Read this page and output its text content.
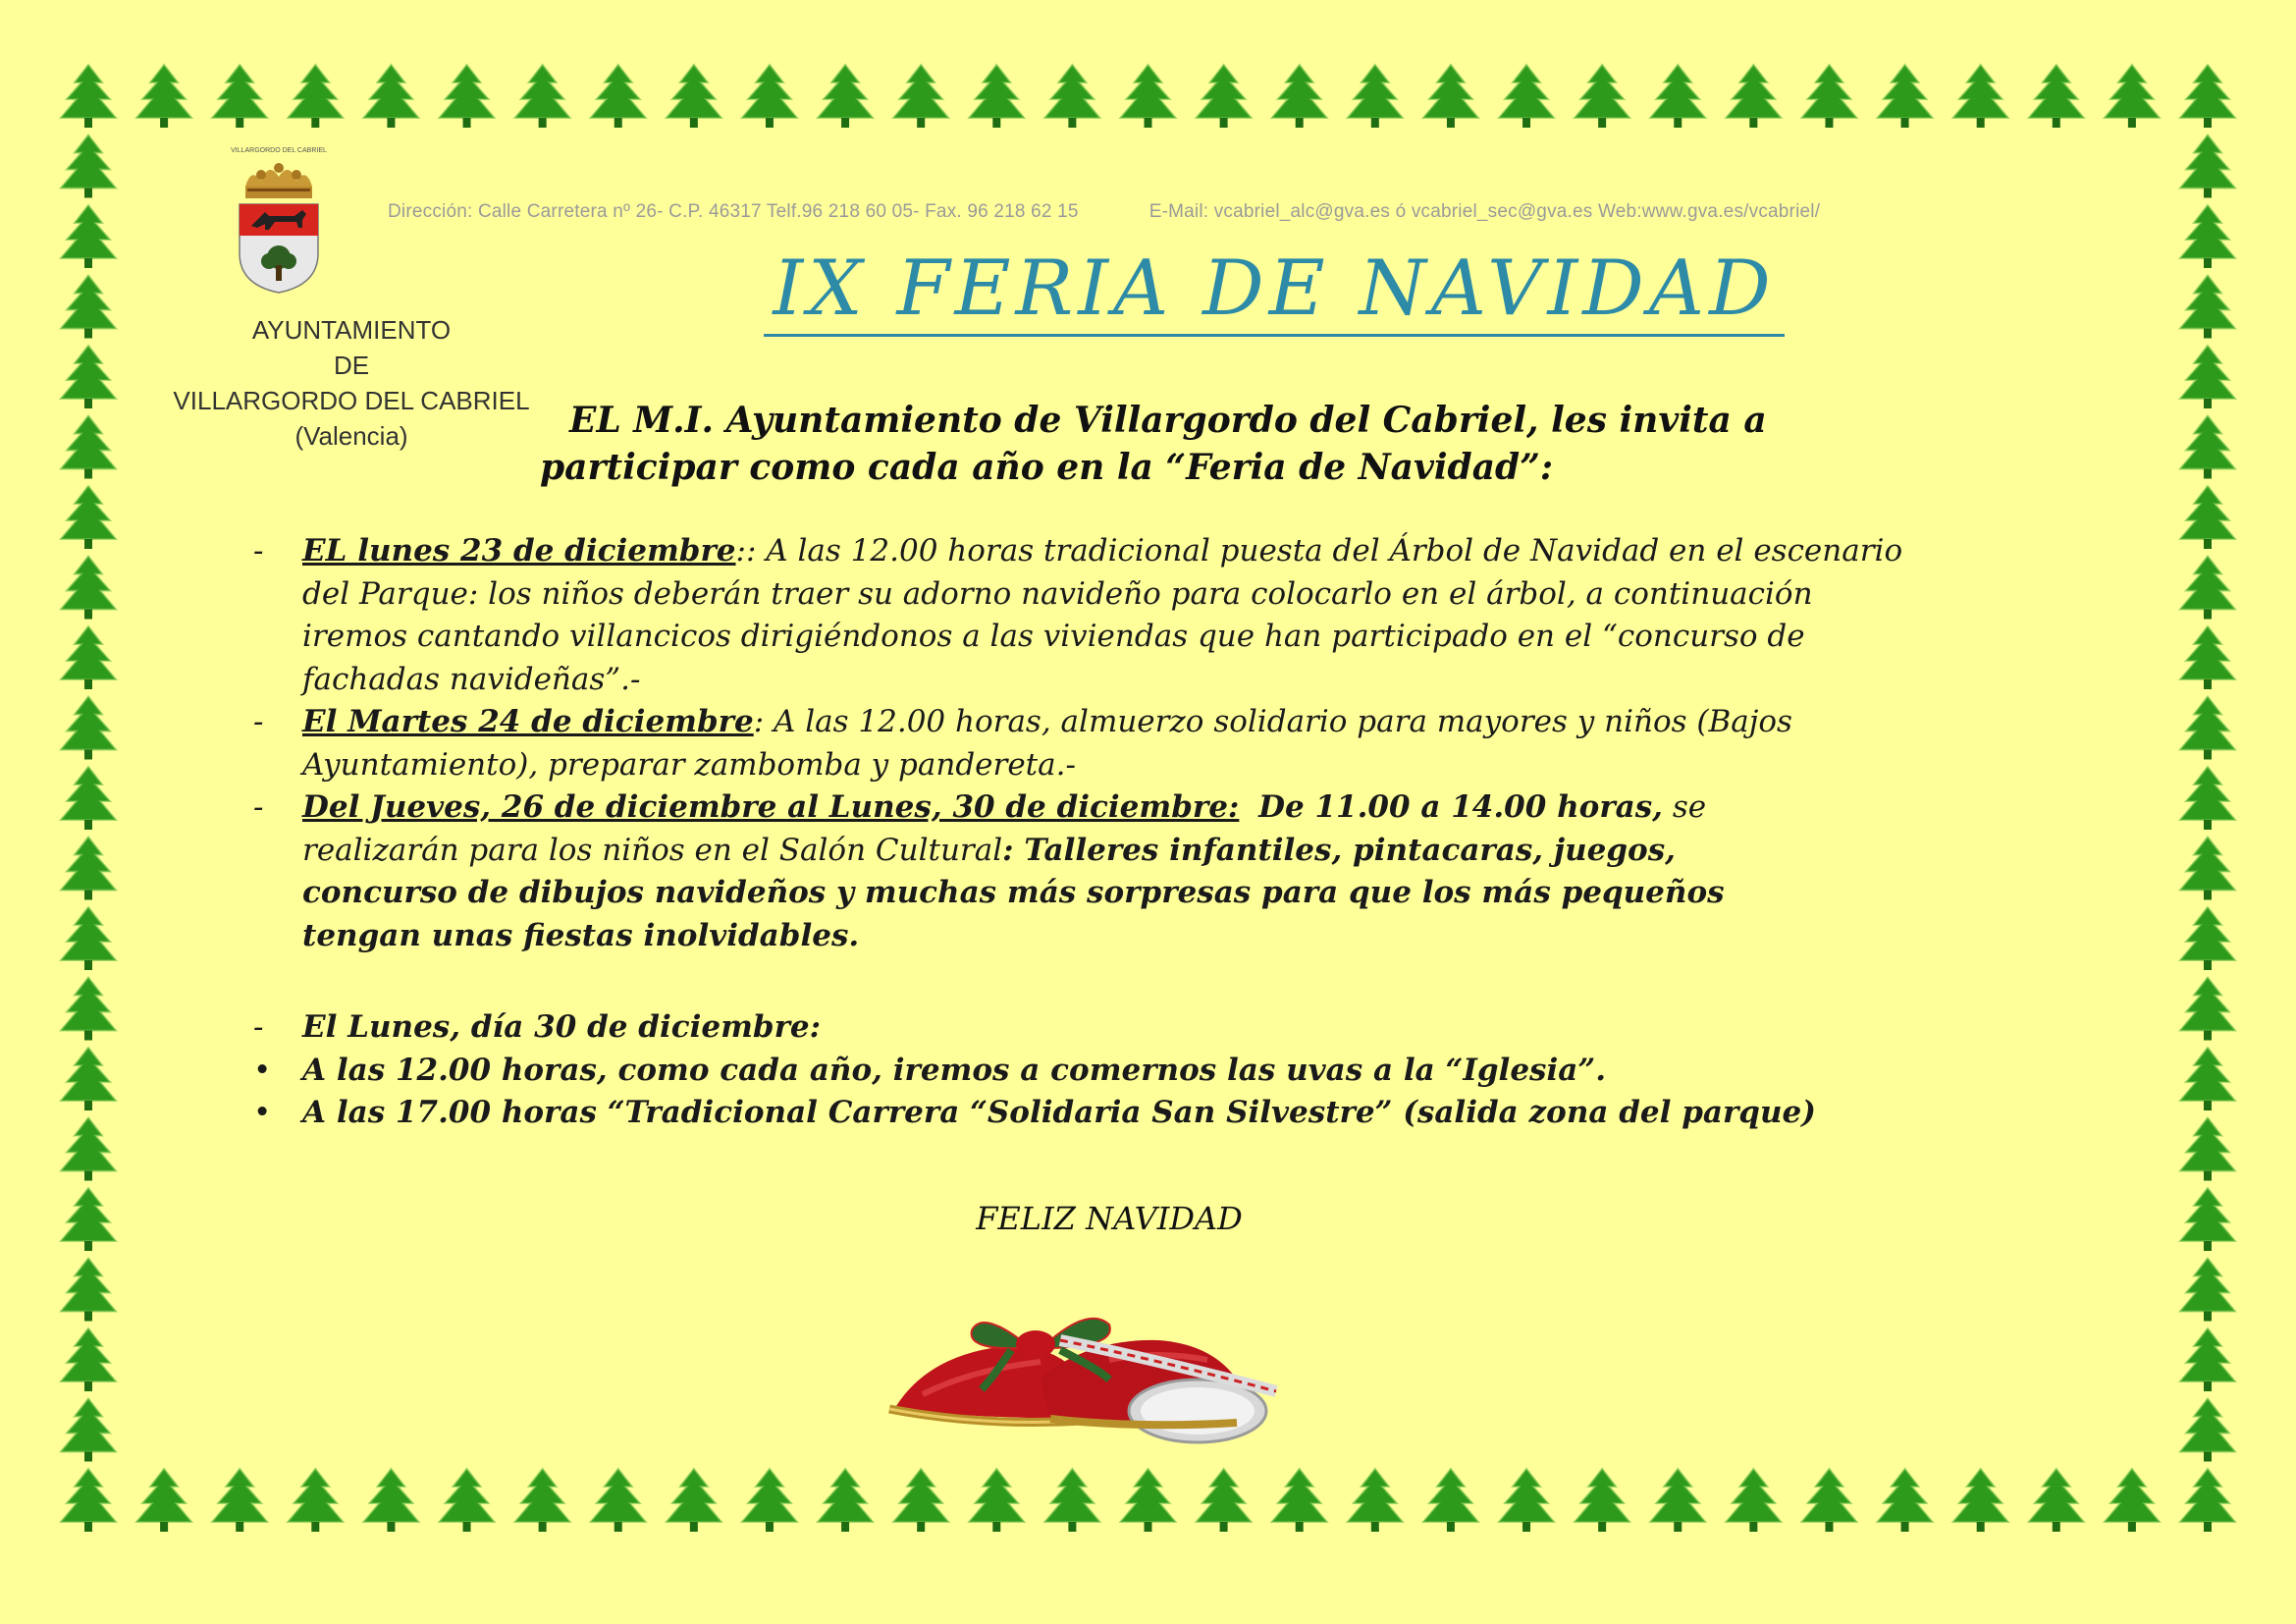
VILLARGORDO DEL CABRIEL
AYUNTAMIENTO
DE
VILLARGORDO DEL CABRIEL
(Valencia)
Dirección: Calle Carretera nº 26- C.P. 46317 Telf.96 218 60 05- Fax. 96 218 62 15	E-Mail: vcabriel_alc@gva.es ó vcabriel_sec@gva.es Web:www.gva.es/vcabriel/
IX FERIA DE NAVIDAD
EL M.I. Ayuntamiento de Villargordo del Cabriel, les invita a
participar como cada año en la “Feria de Navidad”:
-	EL lunes 23 de diciembre:: A las 12.00 horas tradicional puesta del Árbol de Navidad en el escenario
del Parque: los niños deberán traer su adorno navideño para colocarlo en el árbol, a continuación
iremos cantando villancicos dirigiéndonos a las viviendas que han participado en el “concurso de
fachadas navideñas”.-
-	El Martes 24 de diciembre: A las 12.00 horas, almuerzo solidario para mayores y niños (Bajos
Ayuntamiento), preparar zambomba y pandereta.-
-	Del Jueves, 26 de diciembre al Lunes, 30 de diciembre: De 11.00 a 14.00 horas, se
realizarán para los niños en el Salón Cultural: Talleres infantiles, pintacaras, juegos,
concurso de dibujos navideños y muchas más sorpresas para que los más pequeños
tengan unas fiestas inolvidables.
-	El Lunes, día 30 de diciembre:
•	A las 12.00 horas, como cada año, iremos a comernos las uvas a la “Iglesia”.
•	A las 17.00 horas “Tradicional Carrera “Solidaria San Silvestre” (salida zona del parque)
FELIZ NAVIDAD
